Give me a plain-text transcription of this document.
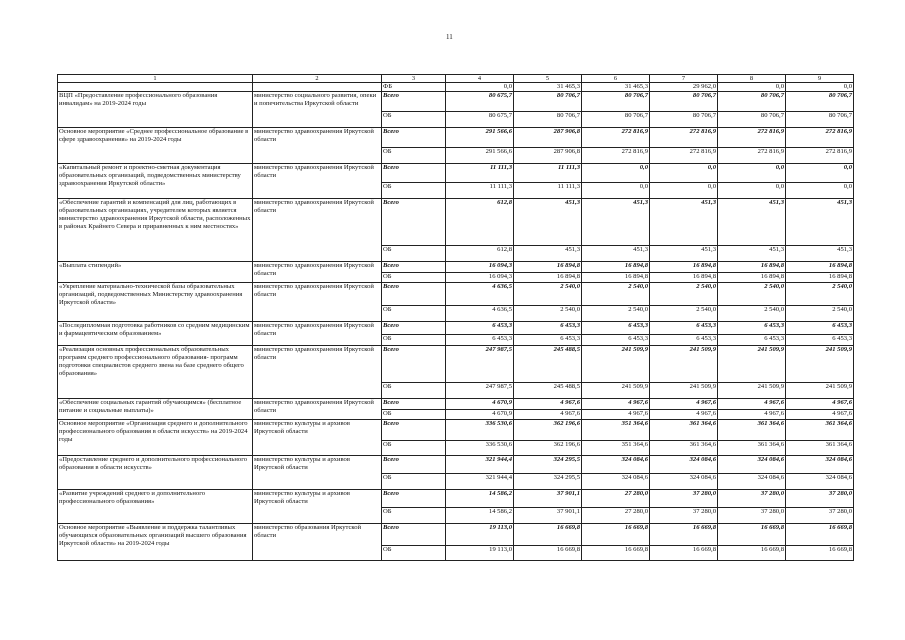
11
1	2	3	4	5	6	7	8	9
		ФБ	0,0	31 465,3	31 465,3	29 962,0	0,0	0,0
ВЦП «Предоставление профессионального образования инвалидам» на 2019-2024 годы	министерство социального развития, опеки и попечительства Иркутской области	Всего	80 675,7	80 706,7	80 706,7	80 706,7	80 706,7	80 706,7
		ОБ	80 675,7	80 706,7	80 706,7	80 706,7	80 706,7	80 706,7
Основное мероприятие «Среднее профессиональное образование в сфере здравоохранения» на 2019-2024 годы	министерство здравоохранения Иркутской области	Всего	291 566,6	287 906,8	272 816,9	272 816,9	272 816,9	272 816,9
		ОБ	291 566,6	287 906,8	272 816,9	272 816,9	272 816,9	272 816,9
«Капитальный ремонт и проектно-сметная документация образовательных организаций, подведомственных министерству здравоохранения Иркутской области»	министерство здравоохранения Иркутской области	Всего	11 111,3	11 111,3	0,0	0,0	0,0	0,0
		ОБ	11 111,3	11 111,3	0,0	0,0	0,0	0,0
«Обеспечение гарантий и компенсаций для лиц, работающих в образовательных организациях, учредителем которых является министерство здравоохранения Иркутской области, расположенных в районах Крайнего Севера и приравненных к ним местностях»	министерство здравоохранения Иркутской области	Всего	612,8	451,3	451,3	451,3	451,3	451,3
		ОБ	612,8	451,3	451,3	451,3	451,3	451,3
«Выплата стипендий»	министерство здравоохранения Иркутской области	Всего	16 094,3	16 894,8	16 894,8	16 894,8	16 894,8	16 894,8
		ОБ	16 094,3	16 894,8	16 894,8	16 894,8	16 894,8	16 894,8
«Укрепление материально-технической базы образовательных организаций, подведомственных Министерству здравоохранения Иркутской области»	министерство здравоохранения Иркутской области	Всего	4 636,5	2 540,0	2 540,0	2 540,0	2 540,0	2 540,0
		ОБ	4 636,5	2 540,0	2 540,0	2 540,0	2 540,0	2 540,0
«Последипломная подготовка работников со средним медицинским и фармацевтическим образованием»	министерство здравоохранения Иркутской области	Всего	6 453,3	6 453,3	6 453,3	6 453,3	6 453,3	6 453,3
		ОБ	6 453,3	6 453,3	6 453,3	6 453,3	6 453,3	6 453,3
«Реализация основных профессиональных образовательных программ среднего профессионального образования- программ подготовки специалистов среднего звена на базе среднего общего образования»	министерство здравоохранения Иркутской области	Всего	247 987,5	245 488,5	241 509,9	241 509,9	241 509,9	241 509,9
		ОБ	247 987,5	245 488,5	241 509,9	241 509,9	241 509,9	241 509,9
«Обеспечение социальных гарантий обучающимся» (бесплатное питание и социальные выплаты)»	министерство здравоохранения Иркутской области	Всего	4 670,9	4 967,6	4 967,6	4 967,6	4 967,6	4 967,6
		ОБ	4 670,9	4 967,6	4 967,6	4 967,6	4 967,6	4 967,6
Основное мероприятие «Организация среднего и дополнительного профессионального образования в области искусств» на 2019-2024 годы	министерство культуры и архивов Иркутской области	Всего	336 530,6	362 196,6	351 364,6	361 364,6	361 364,6	361 364,6
		ОБ	336 530,6	362 196,6	351 364,6	361 364,6	361 364,6	361 364,6
«Предоставление среднего и дополнительного профессионального образования в области искусств»	министерство культуры и архивов Иркутской области	Всего	321 944,4	324 295,5	324 084,6	324 084,6	324 084,6	324 084,6
		ОБ	321 944,4	324 295,5	324 084,6	324 084,6	324 084,6	324 084,6
«Развитие учреждений среднего и дополнительного профессионального образования»	министерство культуры и архивов Иркутской области	Всего	14 586,2	37 901,1	27 280,0	37 280,0	37 280,0	37 280,0
		ОБ	14 586,2	37 901,1	27 280,0	37 280,0	37 280,0	37 280,0
Основное мероприятие «Выявление и поддержка талантливых обучающихся образовательных организаций высшего образования Иркутской области» на 2019-2024 годы	министерство образования Иркутской области	Всего	19 113,0	16 669,8	16 669,8	16 669,8	16 669,8	16 669,8
		ОБ	19 113,0	16 669,8	16 669,8	16 669,8	16 669,8	16 669,8
